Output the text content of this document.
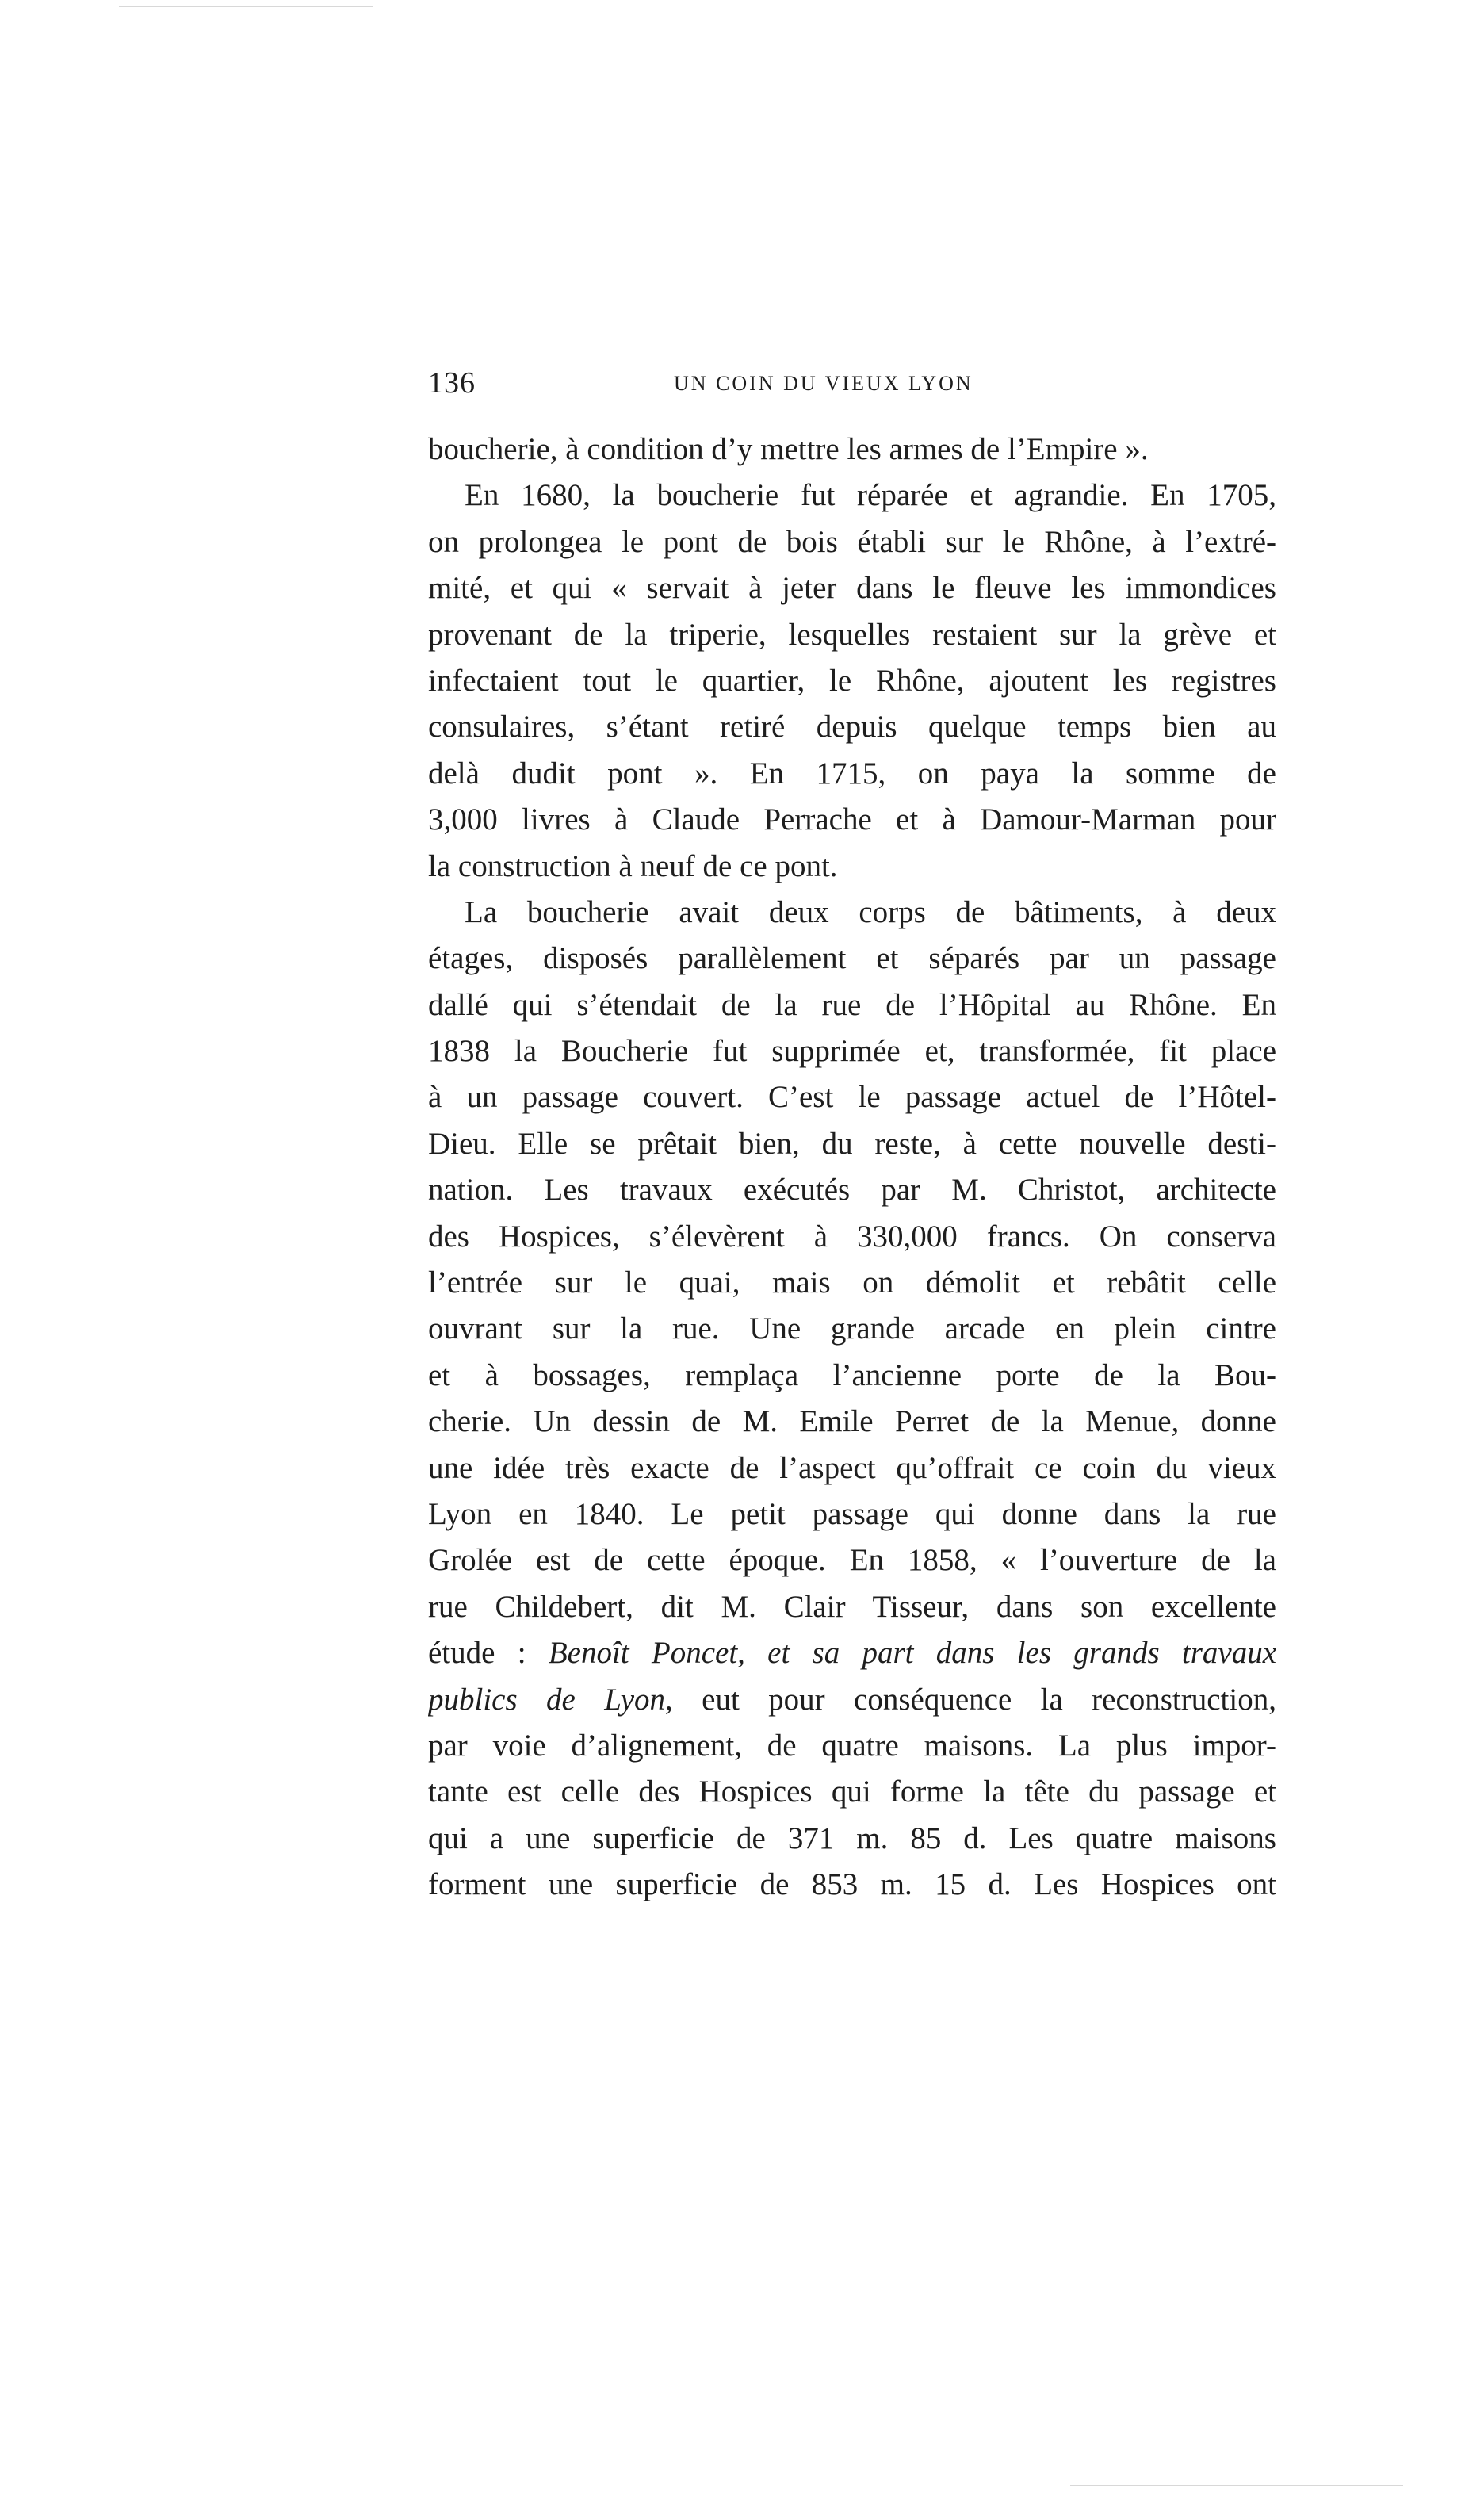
136	UN COIN DU VIEUX LYON
boucherie, à condition d’y mettre les armes de l’Empire ».
En 1680, la boucherie fut réparée et agrandie. En 1705,
on prolongea le pont de bois établi sur le Rhône, à l’extré-
mité, et qui « servait à jeter dans le fleuve les immondices
provenant de la triperie, lesquelles restaient sur la grève et
infectaient tout le quartier, le Rhône, ajoutent les registres
consulaires, s’étant retiré depuis quelque temps bien au
delà dudit pont ». En 1715, on paya la somme de
3,000 livres à Claude Perrache et à Damour-Marman pour
la construction à neuf de ce pont.
La boucherie avait deux corps de bâtiments, à deux
étages, disposés parallèlement et séparés par un passage
dallé qui s’étendait de la rue de l’Hôpital au Rhône. En
1838 la Boucherie fut supprimée et, transformée, fit place
à un passage couvert. C’est le passage actuel de l’Hôtel-
Dieu. Elle se prêtait bien, du reste, à cette nouvelle desti-
nation. Les travaux exécutés par M. Christot, architecte
des Hospices, s’élevèrent à 330,000 francs. On conserva
l’entrée sur le quai, mais on démolit et rebâtit celle
ouvrant sur la rue. Une grande arcade en plein cintre
et à bossages, remplaça l’ancienne porte de la Bou-
cherie. Un dessin de M. Emile Perret de la Menue, donne
une idée très exacte de l’aspect qu’offrait ce coin du vieux
Lyon en 1840. Le petit passage qui donne dans la rue
Grolée est de cette époque. En 1858, « l’ouverture de la
rue Childebert, dit M. Clair Tisseur, dans son excellente
étude : Benoît Poncet, et sa part dans les grands travaux
publics de Lyon, eut pour conséquence la reconstruction,
par voie d’alignement, de quatre maisons. La plus impor-
tante est celle des Hospices qui forme la tête du passage et
qui a une superficie de 371 m. 85 d. Les quatre maisons
forment une superficie de 853 m. 15 d. Les Hospices ont
